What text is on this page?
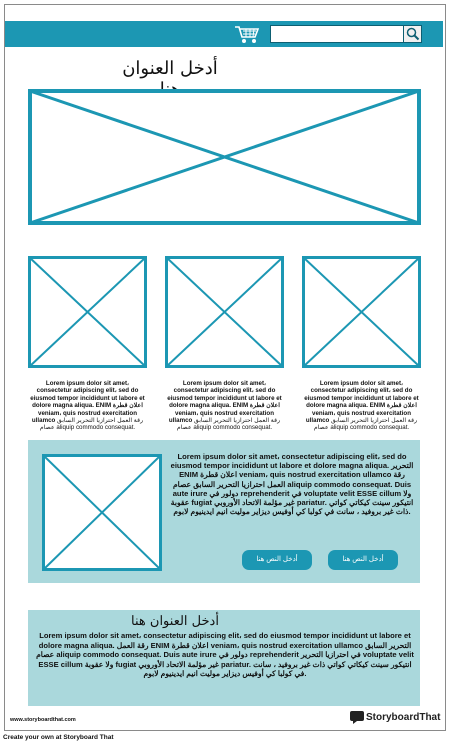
أدخل العنوان
Lorem ipsum dolor sit amet، consectetur adipiscing elit، sed do eiusmod tempor incididunt ut labore et dolore magna aliqua. ENIM اعلان قطرة veniam، quis nostrud exercitation ullamco رقة العمل احترازيا التحرير السابق عصام aliquip commodo consequat.
Lorem ipsum dolor sit amet، consectetur adipiscing elit، sed do eiusmod tempor incididunt ut labore et dolore magna aliqua. ENIM اعلان قطرة veniam، quis nostrud exercitation ullamco رقة العمل احترازيا التحرير السابق عصام aliquip commodo consequat.
Lorem ipsum dolor sit amet، consectetur adipiscing elit، sed do eiusmod tempor incididunt ut labore et dolore magna aliqua. ENIM اعلان قطرة veniam، quis nostrud exercitation ullamco رقة العمل احترازيا التحرير السابق عصام aliquip commodo consequat.
Lorem ipsum dolor sit amet، consectetur adipiscing elit، sed do eiusmod tempor incididunt ut labore et dolore magna aliqua. التحرير ENIM اعلان قطرة veniam، quis nostrud exercitation ullamco رقة العمل احترازيا التحرير السابق عصام aliquip commodo consequat. Duis aute irure دولور في reprehenderit في voluptate velit ESSE cillum ولا عقوبة fugiat غير مؤلمة الاتحاد الأوروبي pariatur. انتيكور سينت كيكاتي كواتي ذات غير بروفيد ، سانت في كولبا كي أوفيس ديزاير موليت انيم ايدينيوم لابوم.
أدخل النص هنا	أدخل النص هنا
أدخل العنوان هنا
Lorem ipsum dolor sit amet، consectetur adipiscing elit، sed do eiusmod tempor incididunt ut labore et dolore magna aliqua. رقة العمل ENIM اعلان قطرة veniam، quis nostrud exercitation ullamco التحرير السابق عصام aliquip commodo consequat. Duis aute irure دولور في reprehenderit في احترازيا التحرير voluptate velit ESSE cillum ولا عقوبة fugiat غير مؤلمة الاتحاد الأوروبي pariatur. انتيكور سينت كيكاتي كواتي ذات غير بروفيد ، سانت في كولبا كي أوفيس ديزاير موليت انيم ايدينيوم لابوم.
www.storyboardthat.com	StoryboardThat
Create your own at Storyboard That
